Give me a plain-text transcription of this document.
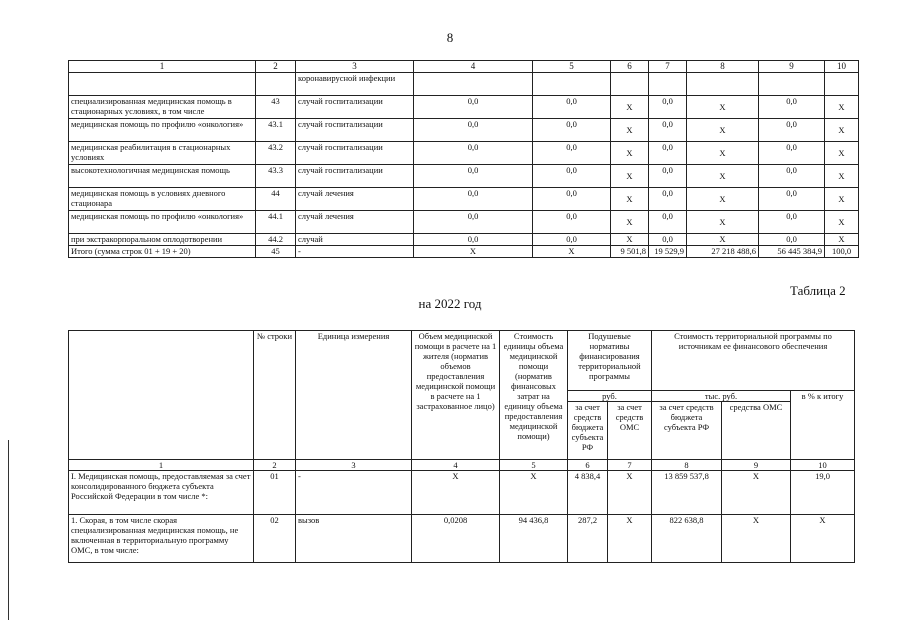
8
1	2	3	4	5	6	7	8	9	10
		коронавирусной инфекции							
специализированная медицинская помощь в стационарных условиях, в том числе	43	случай госпитализации	0,0	0,0	Х	0,0	Х	0,0	Х
медицинская помощь по профилю «онкология»	43.1	случай госпитализации	0,0	0,0	Х	0,0	Х	0,0	Х
медицинская реабилитация в стационарных условиях	43.2	случай госпитализации	0,0	0,0	Х	0,0	Х	0,0	Х
высокотехнологичная медицинская помощь	43.3	случай госпитализации	0,0	0,0	Х	0,0	Х	0,0	Х
медицинская помощь в условиях дневного стационара	44	случай лечения	0,0	0,0	Х	0,0	Х	0,0	Х
медицинская помощь по профилю «онкология»	44.1	случай лечения	0,0	0,0	Х	0,0	Х	0,0	Х
при экстракорпоральном оплодотворении	44.2	случай	0,0	0,0	Х	0,0	Х	0,0	Х
Итого (сумма строк 01 + 19 + 20)	45	-	Х	Х	9 501,8	19 529,9	27 218 488,6	56 445 384,9	100,0
Таблица 2
на 2022 год
	№ строки	Единица измерения	Объем медицинской помощи в расчете на 1 жителя (норматив объемов предоставления медицинской помощи в расчете на 1 застрахованное лицо)	Стоимость единицы объема медицинской помощи (норматив финансовых затрат на единицу объема предоставления медицинской помощи)	Подушевые нормативы финансирования территориальной программы		Стоимость территориальной программы по источникам ее финансового обеспечения		
					руб.		тыс. руб.		в % к итогу
					за счет средств бюджета субъекта РФ	за счет средств ОМС	за счет средств бюджета субъекта РФ	средства ОМС	
1	2	3	4	5	6	7	8	9	10
I. Медицинская помощь, предоставляемая за счет консолидированного бюджета субъекта Российской Федерации в том числе *:	01	-	Х	Х	4 838,4	Х	13 859 537,8	Х	19,0
1. Скорая, в том числе скорая специализированная медицинская помощь, не включенная в территориальную программу ОМС, в том числе:	02	вызов	0,0208	94 436,8	287,2	Х	822 638,8	Х	Х
